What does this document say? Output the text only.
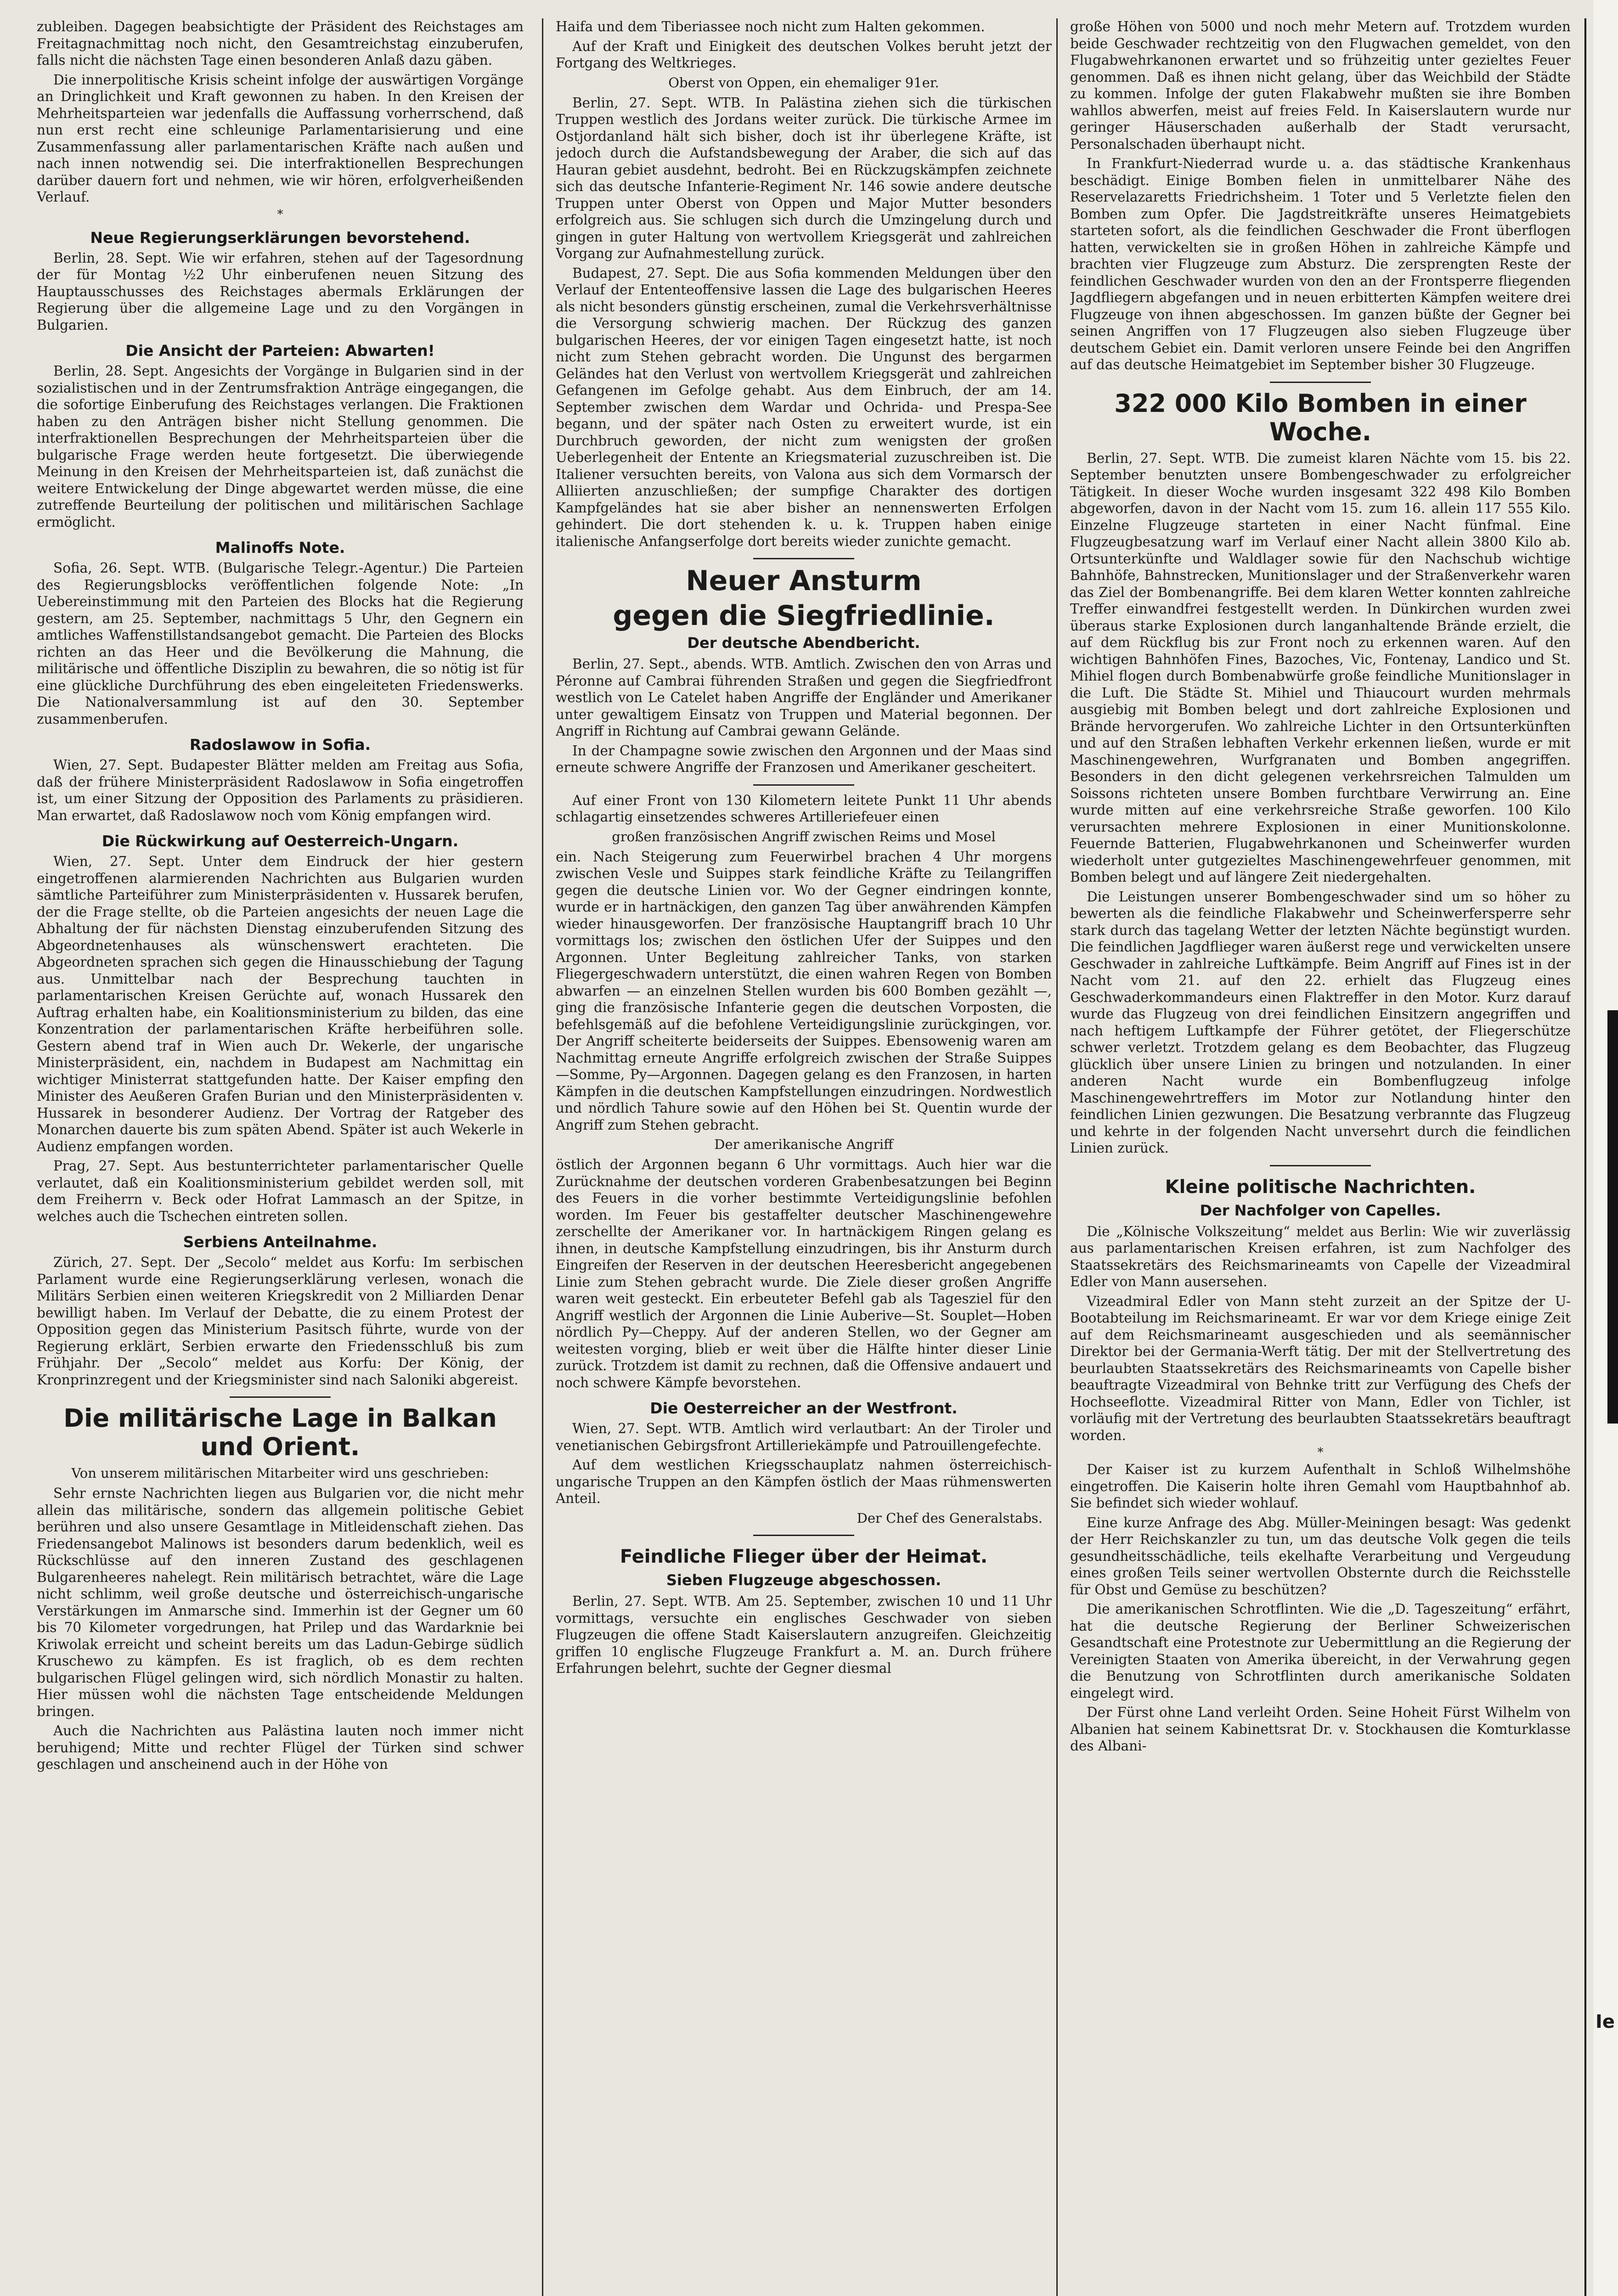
zubleiben. Dagegen beabsichtigte der Präsident des Reichstages am Freitagnachmittag noch nicht, den Gesamtreichstag einzuberufen, falls nicht die nächsten Tage einen besonderen Anlaß dazu gäben.

Die innerpolitische Krisis scheint infolge der auswärtigen Vorgänge an Dringlichkeit und Kraft gewonnen zu haben. In den Kreisen der Mehrheitsparteien war jedenfalls die Auffassung vorherrschend, daß nun erst recht eine schleunige Parlamentarisierung und eine Zusammenfassung aller parlamentarischen Kräfte nach außen und nach innen notwendig sei. Die interfraktionellen Besprechungen darüber dauern fort und nehmen, wie wir hören, erfolgverheißenden Verlauf.

*
Neue Regierungserklärungen bevorstehend.

Berlin, 28. Sept. Wie wir erfahren, stehen auf der Tagesordnung der für Montag ½2 Uhr einberufenen neuen Sitzung des Hauptausschusses des Reichstages abermals Erklärungen der Regierung über die allgemeine Lage und zu den Vorgängen in Bulgarien.

Die Ansicht der Parteien: Abwarten!

Berlin, 28. Sept. Angesichts der Vorgänge in Bulgarien sind in der sozialistischen und in der Zentrumsfraktion Anträge eingegangen, die die sofortige Einberufung des Reichstages verlangen. Die Fraktionen haben zu den Anträgen bisher nicht Stellung genommen. Die interfraktionellen Besprechungen der Mehrheitsparteien über die bulgarische Frage werden heute fortgesetzt. Die überwiegende Meinung in den Kreisen der Mehrheitsparteien ist, daß zunächst die weitere Entwickelung der Dinge abgewartet werden müsse, die eine zutreffende Beurteilung der politischen und militärischen Sachlage ermöglicht.

Malinoffs Note.

Sofia, 26. Sept. WTB. (Bulgarische Telegr.-Agentur.) Die Parteien des Regierungsblocks veröffentlichen folgende Note: „In Uebereinstimmung mit den Parteien des Blocks hat die Regierung gestern, am 25. September, nachmittags 5 Uhr, den Gegnern ein amtliches Waffenstillstandsangebot gemacht. Die Parteien des Blocks richten an das Heer und die Bevölkerung die Mahnung, die militärische und öffentliche Disziplin zu bewahren, die so nötig ist für eine glückliche Durchführung des eben eingeleiteten Friedenswerks. Die Nationalversammlung ist auf den 30. September zusammenberufen.

Radoslawow in Sofia.

Wien, 27. Sept. Budapester Blätter melden am Freitag aus Sofia, daß der frühere Ministerpräsident Radoslawow in Sofia eingetroffen ist, um einer Sitzung der Opposition des Parlaments zu präsidieren. Man erwartet, daß Radoslawow noch vom König empfangen wird.

Die Rückwirkung auf Oesterreich-Ungarn.

Wien, 27. Sept. Unter dem Eindruck der hier gestern eingetroffenen alarmierenden Nachrichten aus Bulgarien wurden sämtliche Parteiführer zum Ministerpräsidenten v. Hussarek berufen, der die Frage stellte, ob die Parteien angesichts der neuen Lage die Abhaltung der für nächsten Dienstag einzuberufenden Sitzung des Abgeordnetenhauses als wünschenswert erachteten. Die Abgeordneten sprachen sich gegen die Hinausschiebung der Tagung aus. Unmittelbar nach der Besprechung tauchten in parlamentarischen Kreisen Gerüchte auf, wonach Hussarek den Auftrag erhalten habe, ein Koalitionsministerium zu bilden, das eine Konzentration der parlamentarischen Kräfte herbeiführen solle. Gestern abend traf in Wien auch Dr. Wekerle, der ungarische Ministerpräsident, ein, nachdem in Budapest am Nachmittag ein wichtiger Ministerrat stattgefunden hatte. Der Kaiser empfing den Minister des Aeußeren Grafen Burian und den Ministerpräsidenten v. Hussarek in besonderer Audienz. Der Vortrag der Ratgeber des Monarchen dauerte bis zum späten Abend. Später ist auch Wekerle in Audienz empfangen worden.

Prag, 27. Sept. Aus bestunterrichteter parlamentarischer Quelle verlautet, daß ein Koalitionsministerium gebildet werden soll, mit dem Freiherrn v. Beck oder Hofrat Lammasch an der Spitze, in welches auch die Tschechen eintreten sollen.

Serbiens Anteilnahme.

Zürich, 27. Sept. Der „Secolo“ meldet aus Korfu: Im serbischen Parlament wurde eine Regierungserklärung verlesen, wonach die Militärs Serbien einen weiteren Kriegskredit von 2 Milliarden Denar bewilligt haben. Im Verlauf der Debatte, die zu einem Protest der Opposition gegen das Ministerium Pasitsch führte, wurde von der Regierung erklärt, Serbien erwarte den Friedensschluß bis zum Frühjahr. Der „Secolo“ meldet aus Korfu: Der König, der Kronprinzregent und der Kriegsminister sind nach Saloniki abgereist.

Die militärische Lage in Balkan und Orient.

Von unserem militärischen Mitarbeiter wird uns geschrieben:

Sehr ernste Nachrichten liegen aus Bulgarien vor, die nicht mehr allein das militärische, sondern das allgemein politische Gebiet berühren und also unsere Gesamtlage in Mitleidenschaft ziehen. Das Friedensangebot Malinows ist besonders darum bedenklich, weil es Rückschlüsse auf den inneren Zustand des geschlagenen Bulgarenheeres nahelegt. Rein militärisch betrachtet, wäre die Lage nicht schlimm, weil große deutsche und österreichisch-ungarische Verstärkungen im Anmarsche sind. Immerhin ist der Gegner um 60 bis 70 Kilometer vorgedrungen, hat Prilep und das Wardarknie bei Kriwolak erreicht und scheint bereits um das Ladun-Gebirge südlich Kruschewo zu kämpfen. Es ist fraglich, ob es dem rechten bulgarischen Flügel gelingen wird, sich nördlich Monastir zu halten. Hier müssen wohl die nächsten Tage entscheidende Meldungen bringen.

Auch die Nachrichten aus Palästina lauten noch immer nicht beruhigend; Mitte und rechter Flügel der Türken sind schwer geschlagen und anscheinend auch in der Höhe von

Haifa und dem Tiberiassee noch nicht zum Halten gekommen.

Auf der Kraft und Einigkeit des deutschen Volkes beruht jetzt der Fortgang des Weltkrieges.

Oberst von Oppen, ein ehemaliger 91er.

Berlin, 27. Sept. WTB. In Palästina ziehen sich die türkischen Truppen westlich des Jordans weiter zurück. Die türkische Armee im Ostjordanland hält sich bisher, doch ist ihr überlegene Kräfte, ist jedoch durch die Aufstandsbewegung der Araber, die sich auf das Hauran gebiet ausdehnt, bedroht. Bei en Rückzugskämpfen zeichnete sich das deutsche Infanterie-Regiment Nr. 146 sowie andere deutsche Truppen unter Oberst von Oppen und Major Mutter besonders erfolgreich aus. Sie schlugen sich durch die Umzingelung durch und gingen in guter Haltung von wertvollem Kriegsgerät und zahlreichen Vorgang zur Aufnahmestellung zurück.

Budapest, 27. Sept. Die aus Sofia kommenden Meldungen über den Verlauf der Ententeoffensive lassen die Lage des bulgarischen Heeres als nicht besonders günstig erscheinen, zumal die Verkehrsverhältnisse die Versorgung schwierig machen. Der Rückzug des ganzen bulgarischen Heeres, der vor einigen Tagen eingesetzt hatte, ist noch nicht zum Stehen gebracht worden. Die Ungunst des bergarmen Geländes hat den Verlust von wertvollem Kriegsgerät und zahlreichen Gefangenen im Gefolge gehabt. Aus dem Einbruch, der am 14. September zwischen dem Wardar und Ochrida- und Prespa-See begann, und der später nach Osten zu erweitert wurde, ist ein Durchbruch geworden, der nicht zum wenigsten der großen Ueberlegenheit der Entente an Kriegsmaterial zuzuschreiben ist. Die Italiener versuchten bereits, von Valona aus sich dem Vormarsch der Alliierten anzuschließen; der sumpfige Charakter des dortigen Kampfgeländes hat sie aber bisher an nennenswerten Erfolgen gehindert. Die dort stehenden k. u. k. Truppen haben einige italienische Anfangserfolge dort bereits wieder zunichte gemacht.

Neuer Ansturm
gegen die Siegfriedlinie.
Der deutsche Abendbericht.

Berlin, 27. Sept., abends. WTB. Amtlich. Zwischen den von Arras und Péronne auf Cambrai führenden Straßen und gegen die Siegfriedfront westlich von Le Catelet haben Angriffe der Engländer und Amerikaner unter gewaltigem Einsatz von Truppen und Material begonnen. Der Angriff in Richtung auf Cambrai gewann Gelände.

In der Champagne sowie zwischen den Argonnen und der Maas sind erneute schwere Angriffe der Franzosen und Amerikaner gescheitert.

Auf einer Front von 130 Kilometern leitete Punkt 11 Uhr abends schlagartig einsetzendes schweres Artilleriefeuer einen

großen französischen Angriff zwischen Reims und Mosel

ein. Nach Steigerung zum Feuerwirbel brachen 4 Uhr morgens zwischen Vesle und Suippes stark feindliche Kräfte zu Teilangriffen gegen die deutsche Linien vor. Wo der Gegner eindringen konnte, wurde er in hartnäckigen, den ganzen Tag über anwährenden Kämpfen wieder hinausgeworfen. Der französische Hauptangriff brach 10 Uhr vormittags los; zwischen den östlichen Ufer der Suippes und den Argonnen. Unter Begleitung zahlreicher Tanks, von starken Fliegergeschwadern unterstützt, die einen wahren Regen von Bomben abwarfen — an einzelnen Stellen wurden bis 600 Bomben gezählt —, ging die französische Infanterie gegen die deutschen Vorposten, die befehlsgemäß auf die befohlene Verteidigungslinie zurückgingen, vor. Der Angriff scheiterte beiderseits der Suippes. Ebensowenig waren am Nachmittag erneute Angriffe erfolgreich zwischen der Straße Suippes—Somme, Py—Argonnen. Dagegen gelang es den Franzosen, in harten Kämpfen in die deutschen Kampfstellungen einzudringen. Nordwestlich und nördlich Tahure sowie auf den Höhen bei St. Quentin wurde der Angriff zum Stehen gebracht.

Der amerikanische Angriff

östlich der Argonnen begann 6 Uhr vormittags. Auch hier war die Zurücknahme der deutschen vorderen Grabenbesatzungen bei Beginn des Feuers in die vorher bestimmte Verteidigungslinie befohlen worden. Im Feuer bis gestaffelter deutscher Maschinengewehre zerschellte der Amerikaner vor. In hartnäckigem Ringen gelang es ihnen, in deutsche Kampfstellung einzudringen, bis ihr Ansturm durch Eingreifen der Reserven in der deutschen Heeresbericht angegebenen Linie zum Stehen gebracht wurde. Die Ziele dieser großen Angriffe waren weit gesteckt. Ein erbeuteter Befehl gab als Tagesziel für den Angriff westlich der Argonnen die Linie Auberive—St. Souplet—Hoben nördlich Py—Cheppy. Auf der anderen Stellen, wo der Gegner am weitesten vorging, blieb er weit über die Hälfte hinter dieser Linie zurück. Trotzdem ist damit zu rechnen, daß die Offensive andauert und noch schwere Kämpfe bevorstehen.

Die Oesterreicher an der Westfront.

Wien, 27. Sept. WTB. Amtlich wird verlautbart: An der Tiroler und venetianischen Gebirgsfront Artilleriekämpfe und Patrouillengefechte.

Auf dem westlichen Kriegsschauplatz nahmen österreichisch-ungarische Truppen an den Kämpfen östlich der Maas rühmenswerten Anteil.

Der Chef des Generalstabs.

Feindliche Flieger über der Heimat.
Sieben Flugzeuge abgeschossen.

Berlin, 27. Sept. WTB. Am 25. September, zwischen 10 und 11 Uhr vormittags, versuchte ein englisches Geschwader von sieben Flugzeugen die offene Stadt Kaiserslautern anzugreifen. Gleichzeitig griffen 10 englische Flugzeuge Frankfurt a. M. an. Durch frühere Erfahrungen belehrt, suchte der Gegner diesmal

große Höhen von 5000 und noch mehr Metern auf. Trotzdem wurden beide Geschwader rechtzeitig von den Flugwachen gemeldet, von den Flugabwehrkanonen erwartet und so frühzeitig unter gezieltes Feuer genommen. Daß es ihnen nicht gelang, über das Weichbild der Städte zu kommen. Infolge der guten Flakabwehr mußten sie ihre Bomben wahllos abwerfen, meist auf freies Feld. In Kaiserslautern wurde nur geringer Häuserschaden außerhalb der Stadt verursacht, Personalschaden überhaupt nicht.

In Frankfurt-Niederrad wurde u. a. das städtische Krankenhaus beschädigt. Einige Bomben fielen in unmittelbarer Nähe des Reservelazaretts Friedrichsheim. 1 Toter und 5 Verletzte fielen den Bomben zum Opfer. Die Jagdstreitkräfte unseres Heimatgebiets starteten sofort, als die feindlichen Geschwader die Front überflogen hatten, verwickelten sie in großen Höhen in zahlreiche Kämpfe und brachten vier Flugzeuge zum Absturz. Die zersprengten Reste der feindlichen Geschwader wurden von den an der Frontsperre fliegenden Jagdfliegern abgefangen und in neuen erbitterten Kämpfen weitere drei Flugzeuge von ihnen abgeschossen. Im ganzen büßte der Gegner bei seinen Angriffen von 17 Flugzeugen also sieben Flugzeuge über deutschem Gebiet ein. Damit verloren unsere Feinde bei den Angriffen auf das deutsche Heimatgebiet im September bisher 30 Flugzeuge.

322 000 Kilo Bomben in einer Woche.

Berlin, 27. Sept. WTB. Die zumeist klaren Nächte vom 15. bis 22. September benutzten unsere Bombengeschwader zu erfolgreicher Tätigkeit. In dieser Woche wurden insgesamt 322 498 Kilo Bomben abgeworfen, davon in der Nacht vom 15. zum 16. allein 117 555 Kilo. Einzelne Flugzeuge starteten in einer Nacht fünfmal. Eine Flugzeugbesatzung warf im Verlauf einer Nacht allein 3800 Kilo ab. Ortsunterkünfte und Waldlager sowie für den Nachschub wichtige Bahnhöfe, Bahnstrecken, Munitionslager und der Straßenverkehr waren das Ziel der Bombenangriffe. Bei dem klaren Wetter konnten zahlreiche Treffer einwandfrei festgestellt werden. In Dünkirchen wurden zwei überaus starke Explosionen durch langanhaltende Brände erzielt, die auf dem Rückflug bis zur Front noch zu erkennen waren. Auf den wichtigen Bahnhöfen Fines, Bazoches, Vic, Fontenay, Landico und St. Mihiel flogen durch Bombenabwürfe große feindliche Munitionslager in die Luft. Die Städte St. Mihiel und Thiaucourt wurden mehrmals ausgiebig mit Bomben belegt und dort zahlreiche Explosionen und Brände hervorgerufen. Wo zahlreiche Lichter in den Ortsunterkünften und auf den Straßen lebhaften Verkehr erkennen ließen, wurde er mit Maschinengewehren, Wurfgranaten und Bomben angegriffen. Besonders in den dicht gelegenen verkehrsreichen Talmulden um Soissons richteten unsere Bomben furchtbare Verwirrung an. Eine wurde mitten auf eine verkehrsreiche Straße geworfen. 100 Kilo verursachten mehrere Explosionen in einer Munitionskolonne. Feuernde Batterien, Flugabwehrkanonen und Scheinwerfer wurden wiederholt unter gutgezieltes Maschinengewehrfeuer genommen, mit Bomben belegt und auf längere Zeit niedergehalten.

Die Leistungen unserer Bombengeschwader sind um so höher zu bewerten als die feindliche Flakabwehr und Scheinwerfersperre sehr stark durch das tagelang Wetter der letzten Nächte begünstigt wurden. Die feindlichen Jagdflieger waren äußerst rege und verwickelten unsere Geschwader in zahlreiche Luftkämpfe. Beim Angriff auf Fines ist in der Nacht vom 21. auf den 22. erhielt das Flugzeug eines Geschwaderkommandeurs einen Flaktreffer in den Motor. Kurz darauf wurde das Flugzeug von drei feindlichen Einsitzern angegriffen und nach heftigem Luftkampfe der Führer getötet, der Fliegerschütze schwer verletzt. Trotzdem gelang es dem Beobachter, das Flugzeug glücklich über unsere Linien zu bringen und notzulanden. In einer anderen Nacht wurde ein Bombenflugzeug infolge Maschinengewehrtreffers im Motor zur Notlandung hinter den feindlichen Linien gezwungen. Die Besatzung verbrannte das Flugzeug und kehrte in der folgenden Nacht unversehrt durch die feindlichen Linien zurück.

Kleine politische Nachrichten.
Der Nachfolger von Capelles.

Die „Kölnische Volkszeitung“ meldet aus Berlin: Wie wir zuverlässig aus parlamentarischen Kreisen erfahren, ist zum Nachfolger des Staatssekretärs des Reichsmarineamts von Capelle der Vizeadmiral Edler von Mann ausersehen.

Vizeadmiral Edler von Mann steht zurzeit an der Spitze der U-Bootabteilung im Reichsmarineamt. Er war vor dem Kriege einige Zeit auf dem Reichsmarineamt ausgeschieden und als seemännischer Direktor bei der Germania-Werft tätig. Der mit der Stellvertretung des beurlaubten Staatssekretärs des Reichsmarineamts von Capelle bisher beauftragte Vizeadmiral von Behnke tritt zur Verfügung des Chefs der Hochseeflotte. Vizeadmiral Ritter von Mann, Edler von Tichler, ist vorläufig mit der Vertretung des beurlaubten Staatssekretärs beauftragt worden.

*

Der Kaiser ist zu kurzem Aufenthalt in Schloß Wilhelmshöhe eingetroffen. Die Kaiserin holte ihren Gemahl vom Hauptbahnhof ab. Sie befindet sich wieder wohlauf.

Eine kurze Anfrage des Abg. Müller-Meiningen besagt: Was gedenkt der Herr Reichskanzler zu tun, um das deutsche Volk gegen die teils gesundheitsschädliche, teils ekelhafte Verarbeitung und Vergeudung eines großen Teils seiner wertvollen Obsternte durch die Reichsstelle für Obst und Gemüse zu beschützen?

Die amerikanischen Schrotflinten. Wie die „D. Tageszeitung“ erfährt, hat die deutsche Regierung der Berliner Schweizerischen Gesandtschaft eine Protestnote zur Uebermittlung an die Regierung der Vereinigten Staaten von Amerika übereicht, in der Verwahrung gegen die Benutzung von Schrotflinten durch amerikanische Soldaten eingelegt wird.

Der Fürst ohne Land verleiht Orden. Seine Hoheit Fürst Wilhelm von Albanien hat seinem Kabinettsrat Dr. v. Stockhausen die Komturklasse des Albani-

Ie
